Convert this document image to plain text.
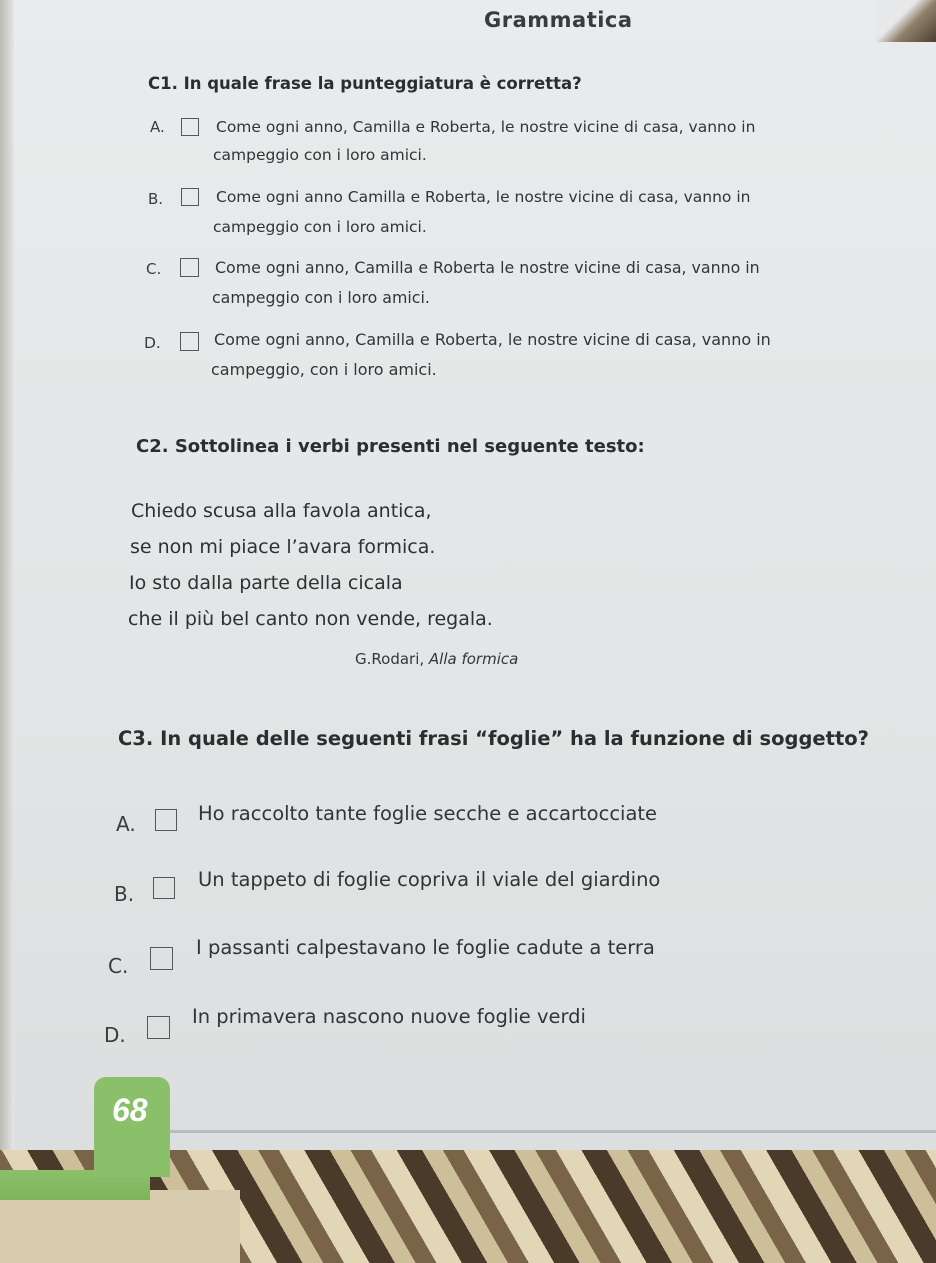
Grammatica
C1. In quale frase la punteggiatura è corretta?
A.	Come ogni anno, Camilla e Roberta, le nostre vicine di casa, vanno in
campeggio con i loro amici.
B.	Come ogni anno Camilla e Roberta, le nostre vicine di casa, vanno in
campeggio con i loro amici.
C.	Come ogni anno, Camilla e Roberta le nostre vicine di casa, vanno in
campeggio con i loro amici.
D.	Come ogni anno, Camilla e Roberta, le nostre vicine di casa, vanno in
campeggio, con i loro amici.
C2. Sottolinea i verbi presenti nel seguente testo:
Chiedo scusa alla favola antica,
se non mi piace l’avara formica.
Io sto dalla parte della cicala
che il più bel canto non vende, regala.
G.Rodari, Alla formica
C3. In quale delle seguenti frasi “foglie” ha la funzione di soggetto?
A.	Ho raccolto tante foglie secche e accartocciate
B.
Un tappeto di foglie copriva il viale del giardino
C.
I passanti calpestavano le foglie cadute a terra
D.
In primavera nascono nuove foglie verdi
68
